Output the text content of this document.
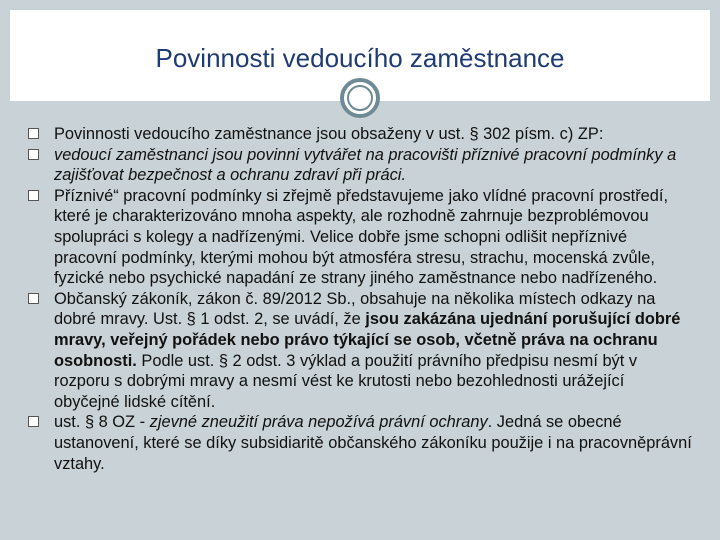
Povinnosti vedoucího zaměstnance

Povinnosti vedoucího zaměstnance jsou obsaženy v ust. § 302 písm. c) ZP:

vedoucí zaměstnanci jsou povinni vytvářet na pracovišti příznivé pracovní podmínky a zajišťovat bezpečnost a ochranu zdraví při práci.

Příznivé“ pracovní podmínky si zřejmě představujeme jako vlídné pracovní prostředí, které je charakterizováno mnoha aspekty, ale rozhodně zahrnuje bezproblémovou spolupráci s kolegy a nadřízenými. Velice dobře jsme schopni odlišit nepříznivé pracovní podmínky, kterými mohou být atmosféra stresu, strachu, mocenská zvůle, fyzické nebo psychické napadání ze strany jiného zaměstnance nebo nadřízeného.

Občanský zákoník, zákon č. 89/2012 Sb., obsahuje na několika místech odkazy na dobré mravy. Ust. § 1 odst. 2, se uvádí, že jsou zakázána ujednání porušující dobré mravy, veřejný pořádek nebo právo týkající se osob, včetně práva na ochranu osobnosti. Podle ust. § 2 odst. 3 výklad a použití právního předpisu nesmí být v rozporu s dobrými mravy a nesmí vést ke krutosti nebo bezohlednosti urážející obyčejné lidské cítění.

ust. § 8 OZ - zjevné zneužití práva nepožívá právní ochrany. Jedná se obecné ustanovení, které se díky subsidiaritě občanského zákoníku použije i na pracovněprávní vztahy.
